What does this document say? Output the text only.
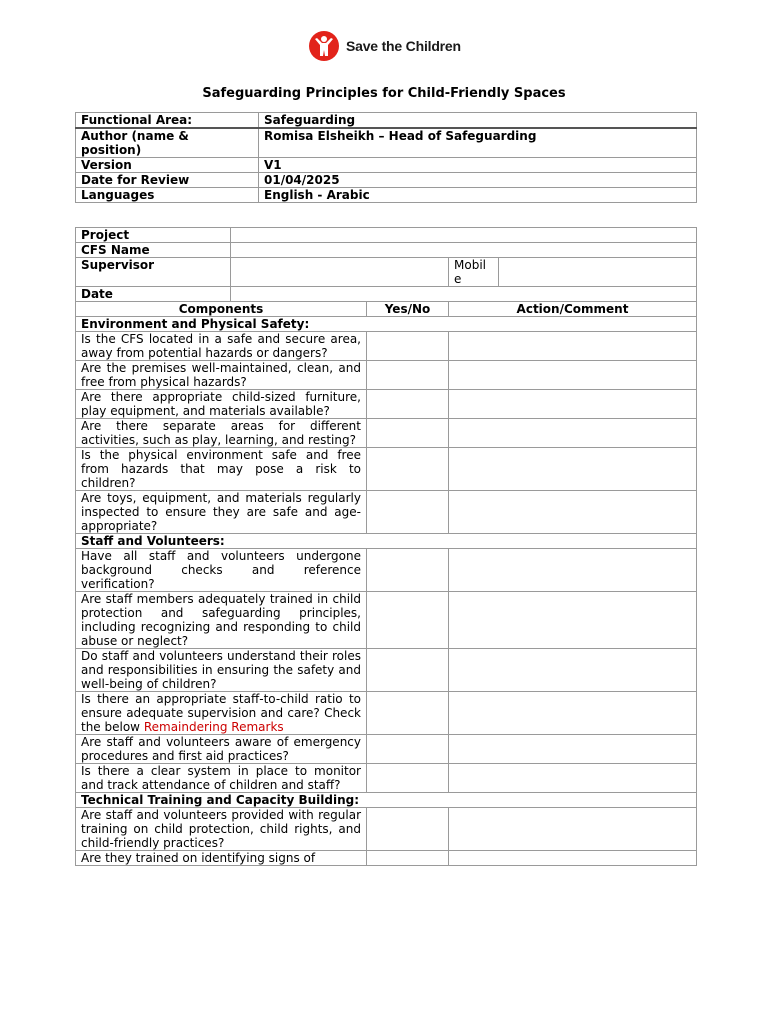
Save the Children
Safeguarding Principles for Child-Friendly Spaces
Functional Area:	Safeguarding
Author (name & position)	Romisa Elsheikh – Head of Safeguarding
Version	V1
Date for Review	01/04/2025
Languages	English - Arabic
Project				
CFS Name				
Supervisor			Mobil e	
Date				
Components		Yes/No	Action/Comment	
Environment and Physical Safety:				
Is the CFS located in a safe and secure area, away from potential hazards or dangers?				
Are the premises well-maintained, clean, and free from physical hazards?				
Are there appropriate child-sized furniture, play equipment, and materials available?				
Are there separate areas for different activities, such as play, learning, and resting?				
Is the physical environment safe and free from hazards that may pose a risk to children?				
Are toys, equipment, and materials regularly inspected to ensure they are safe and age-appropriate?				
Staff and Volunteers:				
Have all staff and volunteers undergone background checks and reference verification?				
Are staff members adequately trained in child protection and safeguarding principles, including recognizing and responding to child abuse or neglect?				
Do staff and volunteers understand their roles and responsibilities in ensuring the safety and well-being of children?				
Is there an appropriate staff-to-child ratio to ensure adequate supervision and care? Check the below Remaindering Remarks				
Are staff and volunteers aware of emergency procedures and first aid practices?				
Is there a clear system in place to monitor and track attendance of children and staff?				
Technical Training and Capacity Building:				
Are staff and volunteers provided with regular training on child protection, child rights, and child-friendly practices?				
Are they trained on identifying signs of				
